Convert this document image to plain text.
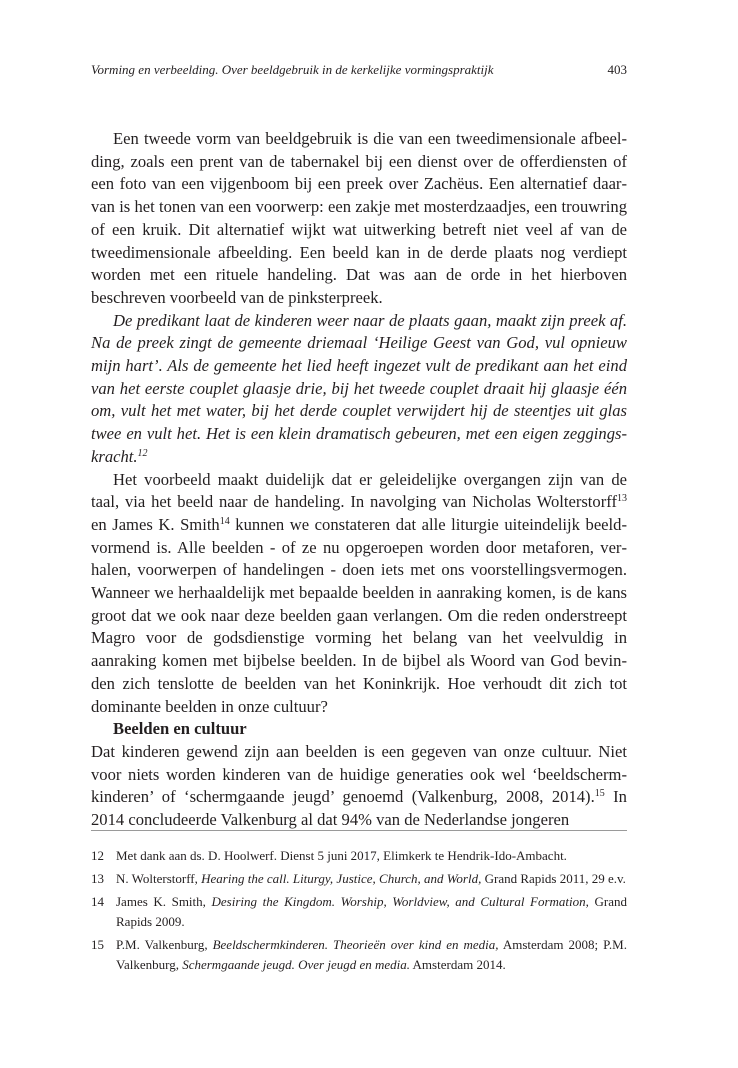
Vorming en verbeelding. Over beeldgebruik in de kerkelijke vormingspraktijk	403

Een tweede vorm van beeldgebruik is die van een tweedimensionale afbeelding, zoals een prent van de tabernakel bij een dienst over de offerdiensten of een foto van een vijgenboom bij een preek over Zachëus. Een alternatief daarvan is het tonen van een voorwerp: een zakje met mosterdzaadjes, een trouwring of een kruik. Dit alternatief wijkt wat uitwerking betreft niet veel af van de tweedimensionale afbeelding. Een beeld kan in de derde plaats nog verdiept worden met een rituele handeling. Dat was aan de orde in het hierboven beschreven voorbeeld van de pinksterpreek.

De predikant laat de kinderen weer naar de plaats gaan, maakt zijn preek af. Na de preek zingt de gemeente driemaal ‘Heilige Geest van God, vul opnieuw mijn hart’. Als de gemeente het lied heeft ingezet vult de predikant aan het eind van het eerste couplet glaasje drie, bij het tweede couplet draait hij glaasje één om, vult het met water, bij het derde couplet verwijdert hij de steentjes uit glas twee en vult het. Het is een klein dramatisch gebeuren, met een eigen zeggingskracht.$^{12}$

Het voorbeeld maakt duidelijk dat er geleidelijke overgangen zijn van de taal, via het beeld naar de handeling. In navolging van Nicholas Wolterstorff$^{13}$ en James K. Smith$^{14}$ kunnen we constateren dat alle liturgie uiteindelijk beeldvormend is. Alle beelden - of ze nu opgeroepen worden door metaforen, verhalen, voorwerpen of handelingen - doen iets met ons voorstellingsvermogen. Wanneer we herhaaldelijk met bepaalde beelden in aanraking komen, is de kans groot dat we ook naar deze beelden gaan verlangen. Om die reden onderstreept Magro voor de godsdienstige vorming het belang van het veelvuldig in aanraking komen met bijbelse beelden. In de bijbel als Woord van God bevinden zich tenslotte de beelden van het Koninkrijk. Hoe verhoudt dit zich tot dominante beelden in onze cultuur?

Beelden en cultuur

Dat kinderen gewend zijn aan beelden is een gegeven van onze cultuur. Niet voor niets worden kinderen van de huidige generaties ook wel ‘beeldschermkinderen’ of ‘schermgaande jeugd’ genoemd (Valkenburg, 2008, 2014).$^{15}$ In 2014 concludeerde Valkenburg al dat 94% van de Nederlandse jongeren

12 Met dank aan ds. D. Hoolwerf. Dienst 5 juni 2017, Elimkerk te Hendrik-Ido-Ambacht.
13 N. Wolterstorff, Hearing the call. Liturgy, Justice, Church, and World, Grand Rapids 2011, 29 e.v.
14 James K. Smith, Desiring the Kingdom. Worship, Worldview, and Cultural Formation, Grand Rapids 2009.
15 P.M. Valkenburg, Beeldschermkinderen. Theorieën over kind en media, Amsterdam 2008; P.M. Valkenburg, Schermgaande jeugd. Over jeugd en media. Amsterdam 2014.
